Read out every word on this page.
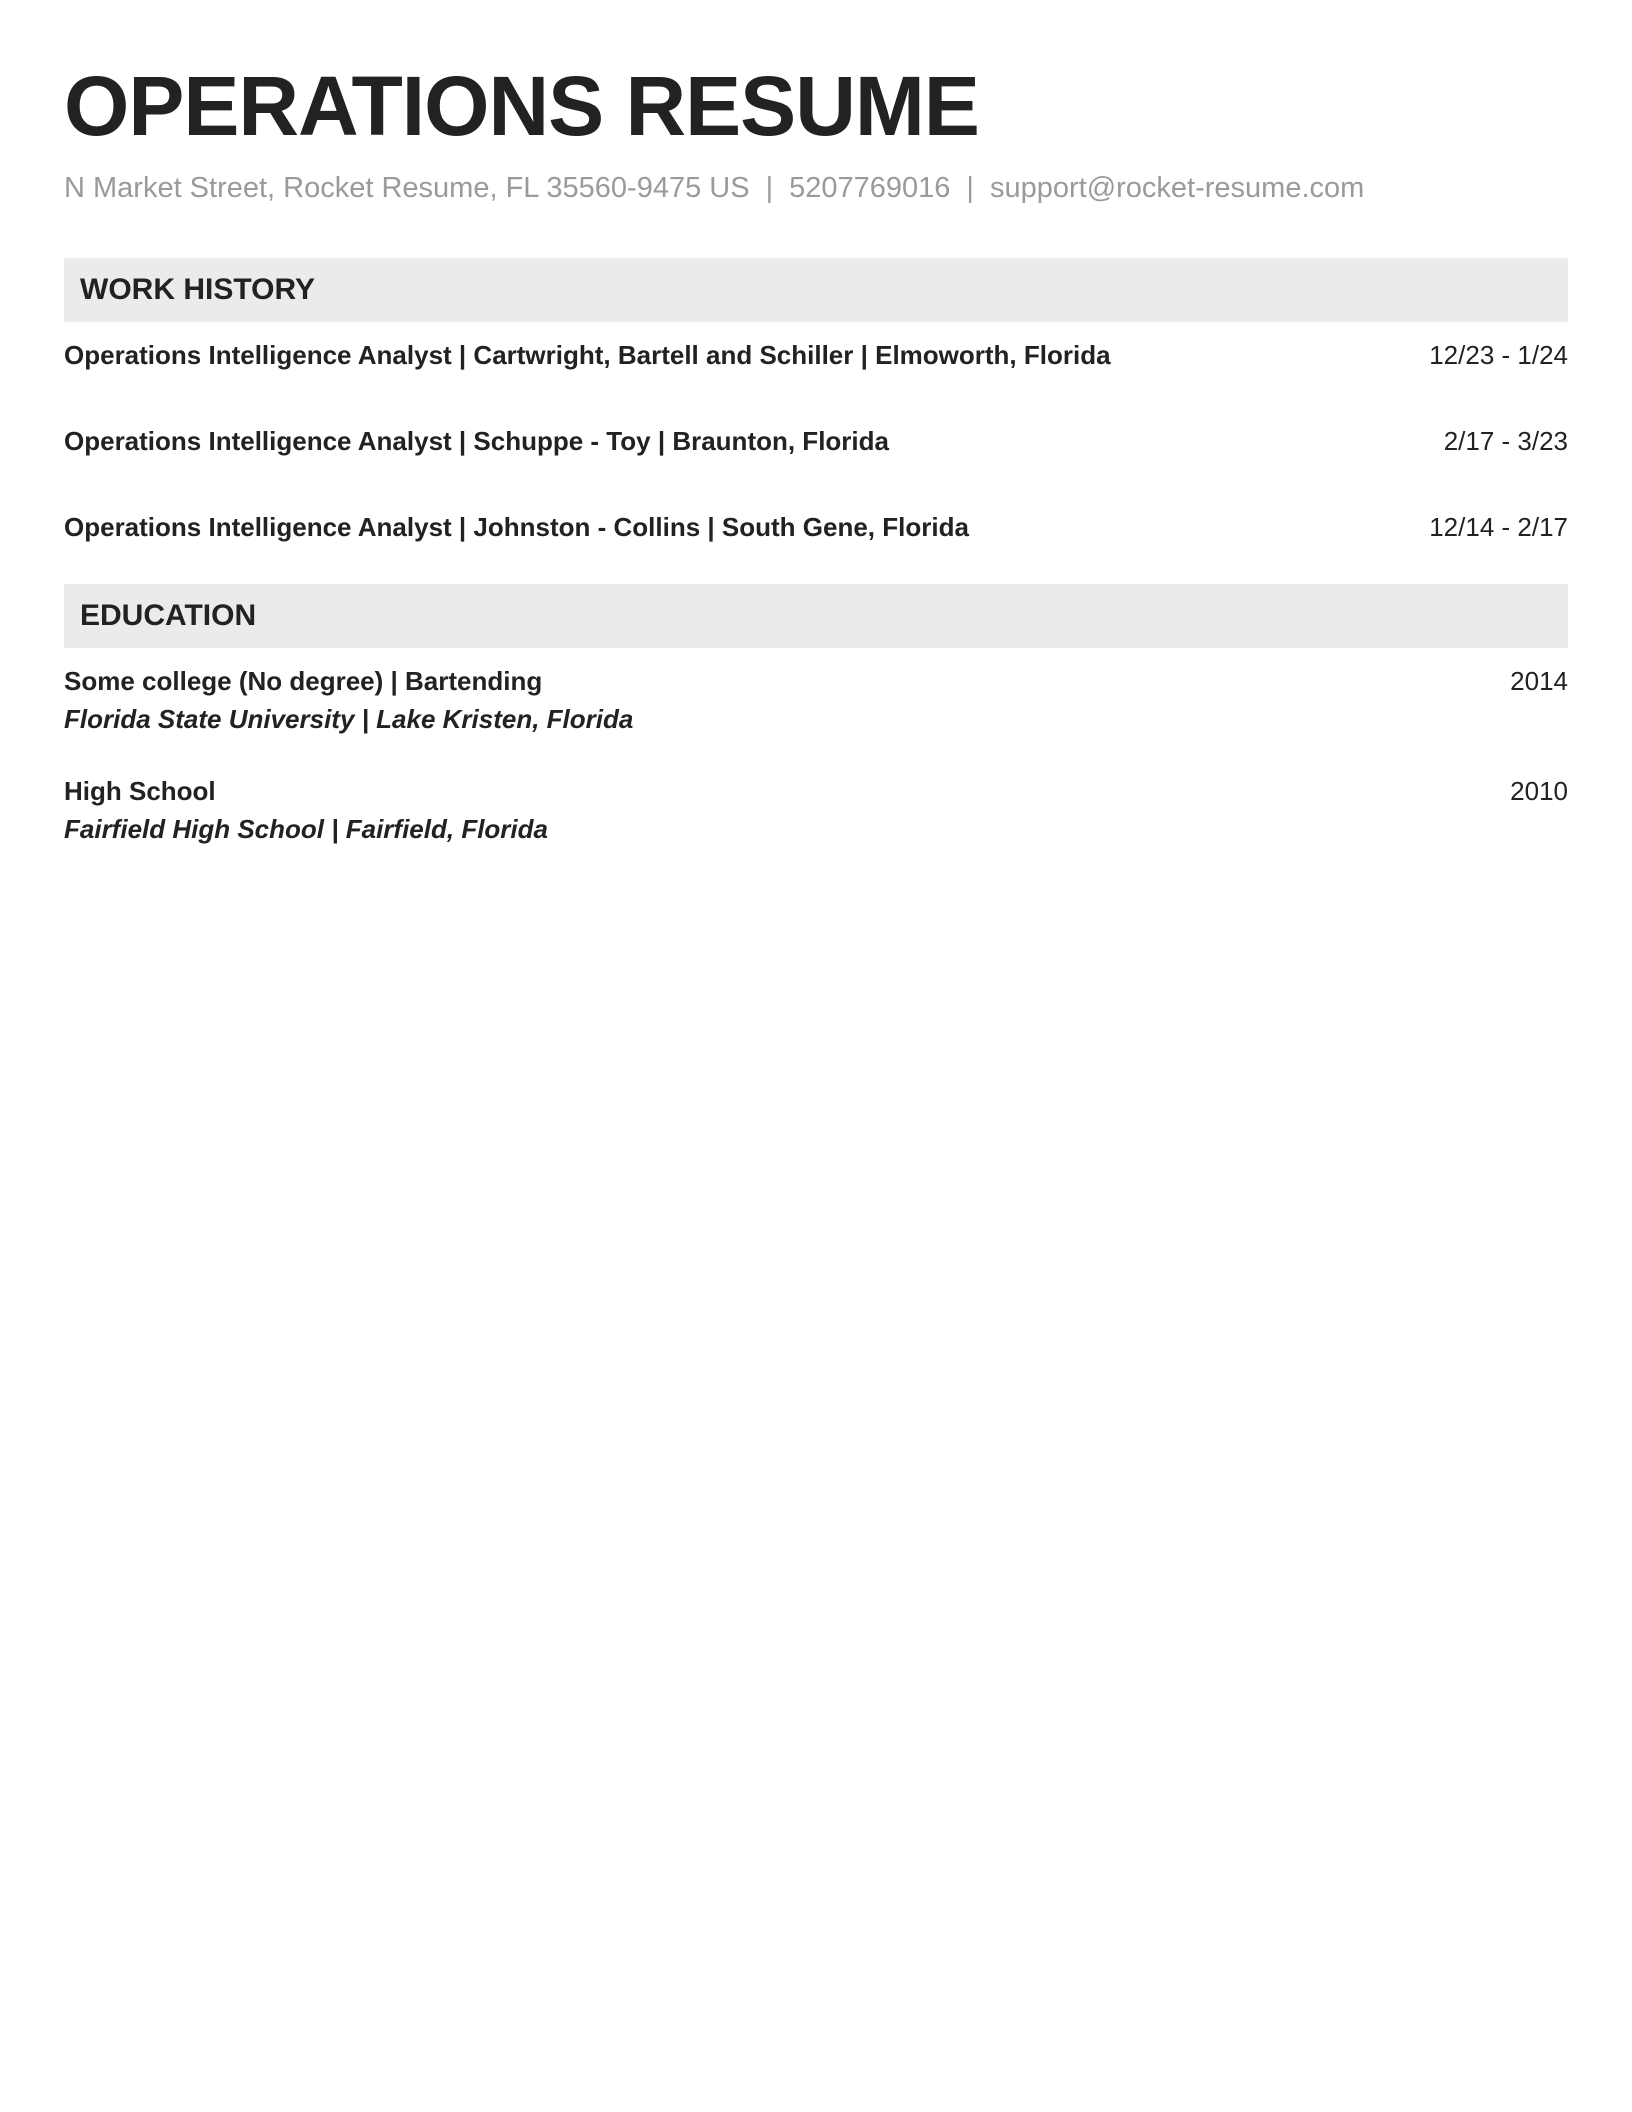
OPERATIONS RESUME
N Market Street, Rocket Resume, FL 35560-9475 US | 5207769016 | support@rocket-resume.com
WORK HISTORY
Operations Intelligence Analyst | Cartwright, Bartell and Schiller | Elmoworth, Florida	12/23 - 1/24
Operations Intelligence Analyst | Schuppe - Toy | Braunton, Florida	2/17 - 3/23
Operations Intelligence Analyst | Johnston - Collins | South Gene, Florida	12/14 - 2/17
EDUCATION
Some college (No degree) | Bartending	2014
Florida State University | Lake Kristen, Florida
High School	2010
Fairfield High School | Fairfield, Florida
